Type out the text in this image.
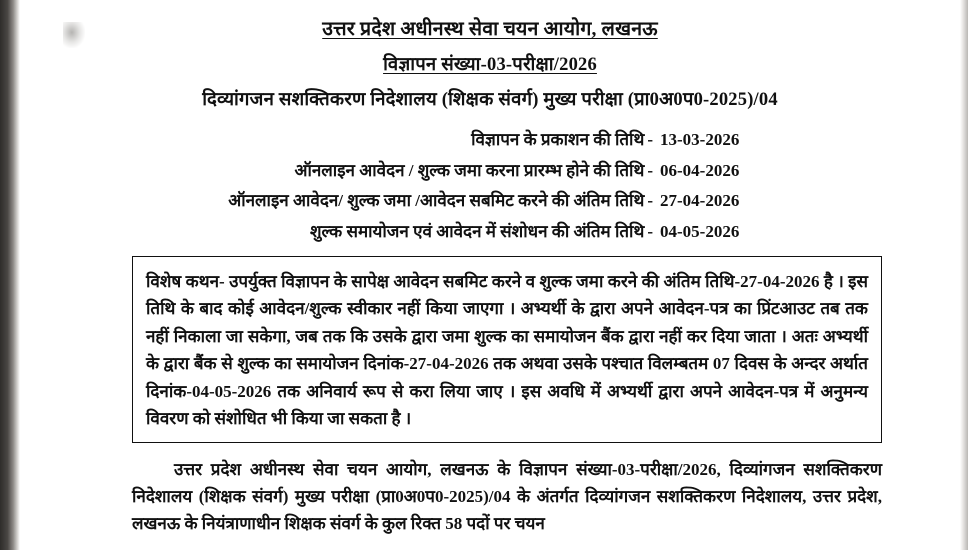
उत्तर प्रदेश अधीनस्थ सेवा चयन आयोग, लखनऊ
विज्ञापन संख्या-03-परीक्षा/2026
दिव्यांगजन सशक्तिकरण निदेशालय (शिक्षक संवर्ग) मुख्य परीक्षा (प्रा0अ0प0-2025)/04
विज्ञापन के प्रकाशन की तिथि - 13-03-2026
ऑनलाइन आवेदन / शुल्क जमा करना प्रारम्भ होने की तिथि - 06-04-2026
ऑनलाइन आवेदन/ शुल्क जमा /आवेदन सबमिट करने की अंतिम तिथि - 27-04-2026
शुल्क समायोजन एवं आवेदन में संशोधन की अंतिम तिथि - 04-05-2026

विशेष कथन- उपर्युक्त विज्ञापन के सापेक्ष आवेदन सबमिट करने व शुल्क जमा करने की अंतिम तिथि-27-04-2026 है । इस तिथि के बाद कोई आवेदन/शुल्क स्वीकार नहीं किया जाएगा । अभ्यर्थी के द्वारा अपने आवेदन-पत्र का प्रिंटआउट तब तक नहीं निकाला जा सकेगा, जब तक कि उसके द्वारा जमा शुल्क का समायोजन बैंक द्वारा नहीं कर दिया जाता । अतः अभ्यर्थी के द्वारा बैंक से शुल्क का समायोजन दिनांक-27-04-2026 तक अथवा उसके पश्चात विलम्बतम 07 दिवस के अन्दर अर्थात दिनांक-04-05-2026 तक अनिवार्य रूप से करा लिया जाए । इस अवधि में अभ्यर्थी द्वारा अपने आवेदन-पत्र में अनुमन्य विवरण को संशोधित भी किया जा सकता है ।

उत्तर प्रदेश अधीनस्थ सेवा चयन आयोग, लखनऊ के विज्ञापन संख्या-03-परीक्षा/2026, दिव्यांगजन सशक्तिकरण निदेशालय (शिक्षक संवर्ग) मुख्य परीक्षा (प्रा0अ0प0-2025)/04 के अंतर्गत दिव्यांगजन सशक्तिकरण निदेशालय, उत्तर प्रदेश, लखनऊ के नियंत्राणाधीन शिक्षक संवर्ग के कुल रिक्त 58 पदों पर चयन
